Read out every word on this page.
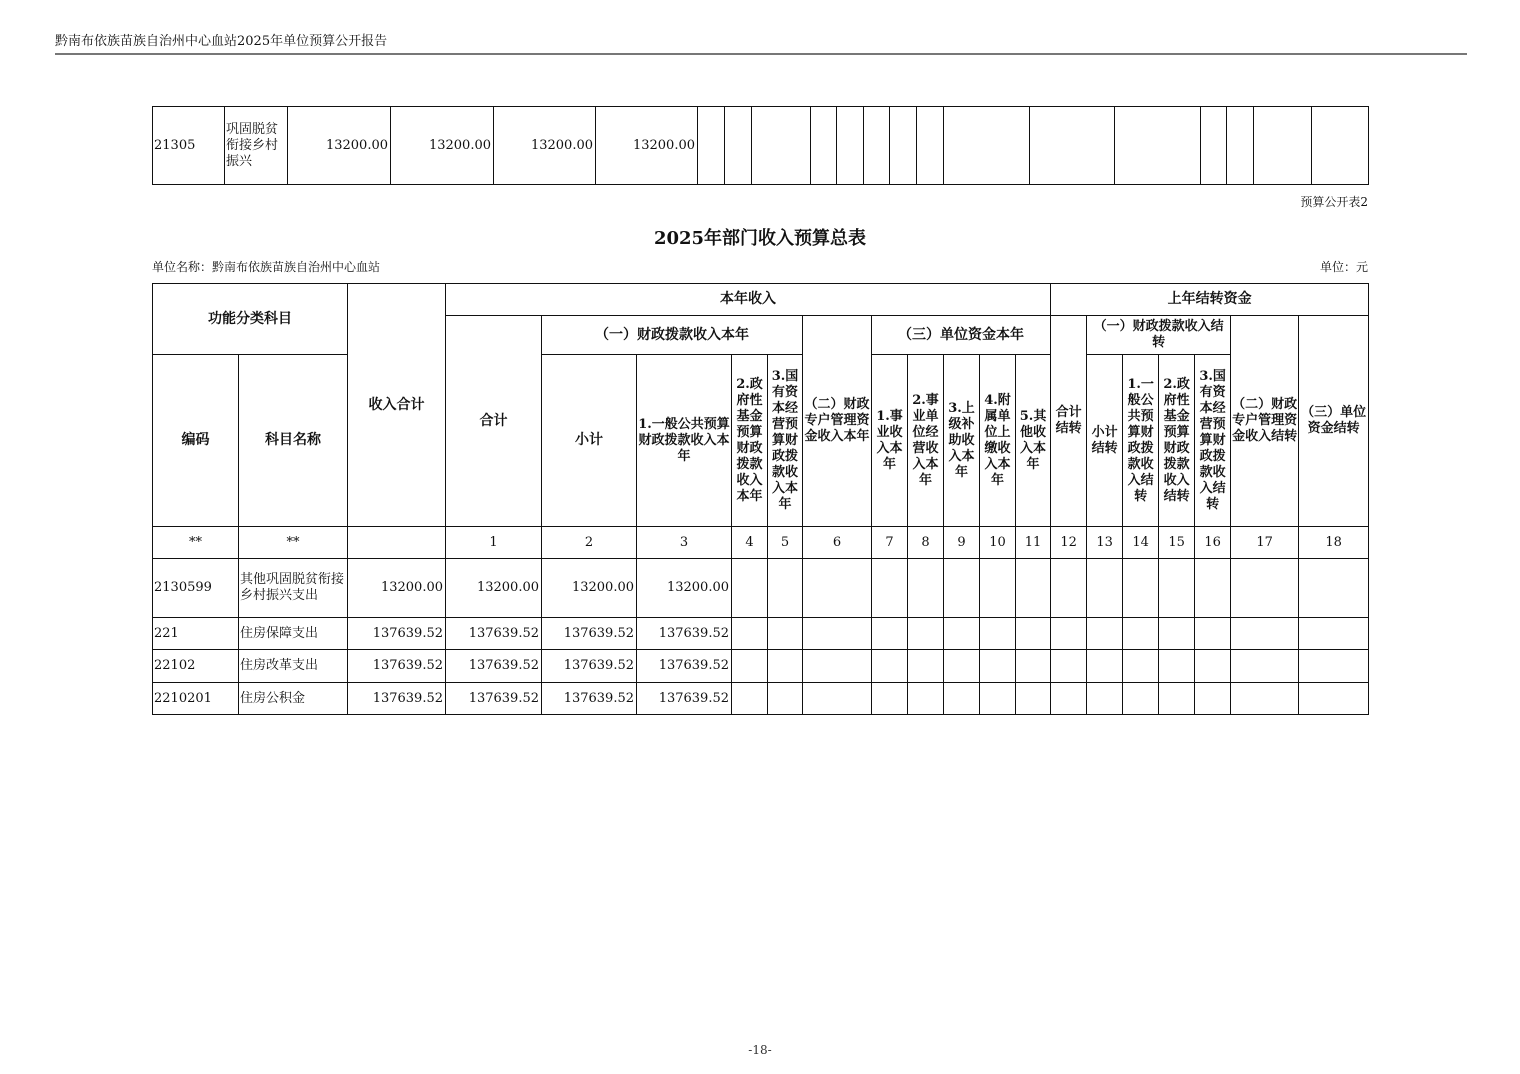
黔南布依族苗族自治州中心血站2025年单位预算公开报告
21305	巩固脱贫衔接乡村振兴	13200.00	13200.00	13200.00	13200.00															
预算公开表2
2025年部门收入预算总表
单位名称：黔南布依族苗族自治州中心血站	单位：元
功能分类科目		收入合计	本年收入											上年结转资金						
			合计	（一）财政拨款收入本年				（二）财政专户管理资金收入本年	（三）单位资金本年					合计结转	（一）财政拨款收入结转				（二）财政专户管理资金收入结转	（三）单位资金结转
编码	科目名称			小计	1.一般公共预算财政拨款收入本年	2.政府性基金预算财政拨款收入本年	3.国有资本经营预算财政拨款收入本年		1.事业收入本年	2.事业单位经营收入本年	3.上级补助收入本年	4.附属单位上缴收入本年	5.其他收入本年		小计结转	1.一般公共预算财政拨款收入结转	2.政府性基金预算财政拨款收入结转	3.国有资本经营预算财政拨款收入结转		
**	**		1	2	3	4	5	6	7	8	9	10	11	12	13	14	15	16	17	18
2130599	其他巩固脱贫衔接乡村振兴支出	13200.00	13200.00	13200.00	13200.00															
221	住房保障支出	137639.52	137639.52	137639.52	137639.52															
22102	住房改革支出	137639.52	137639.52	137639.52	137639.52															
2210201	住房公积金	137639.52	137639.52	137639.52	137639.52															
-18-
